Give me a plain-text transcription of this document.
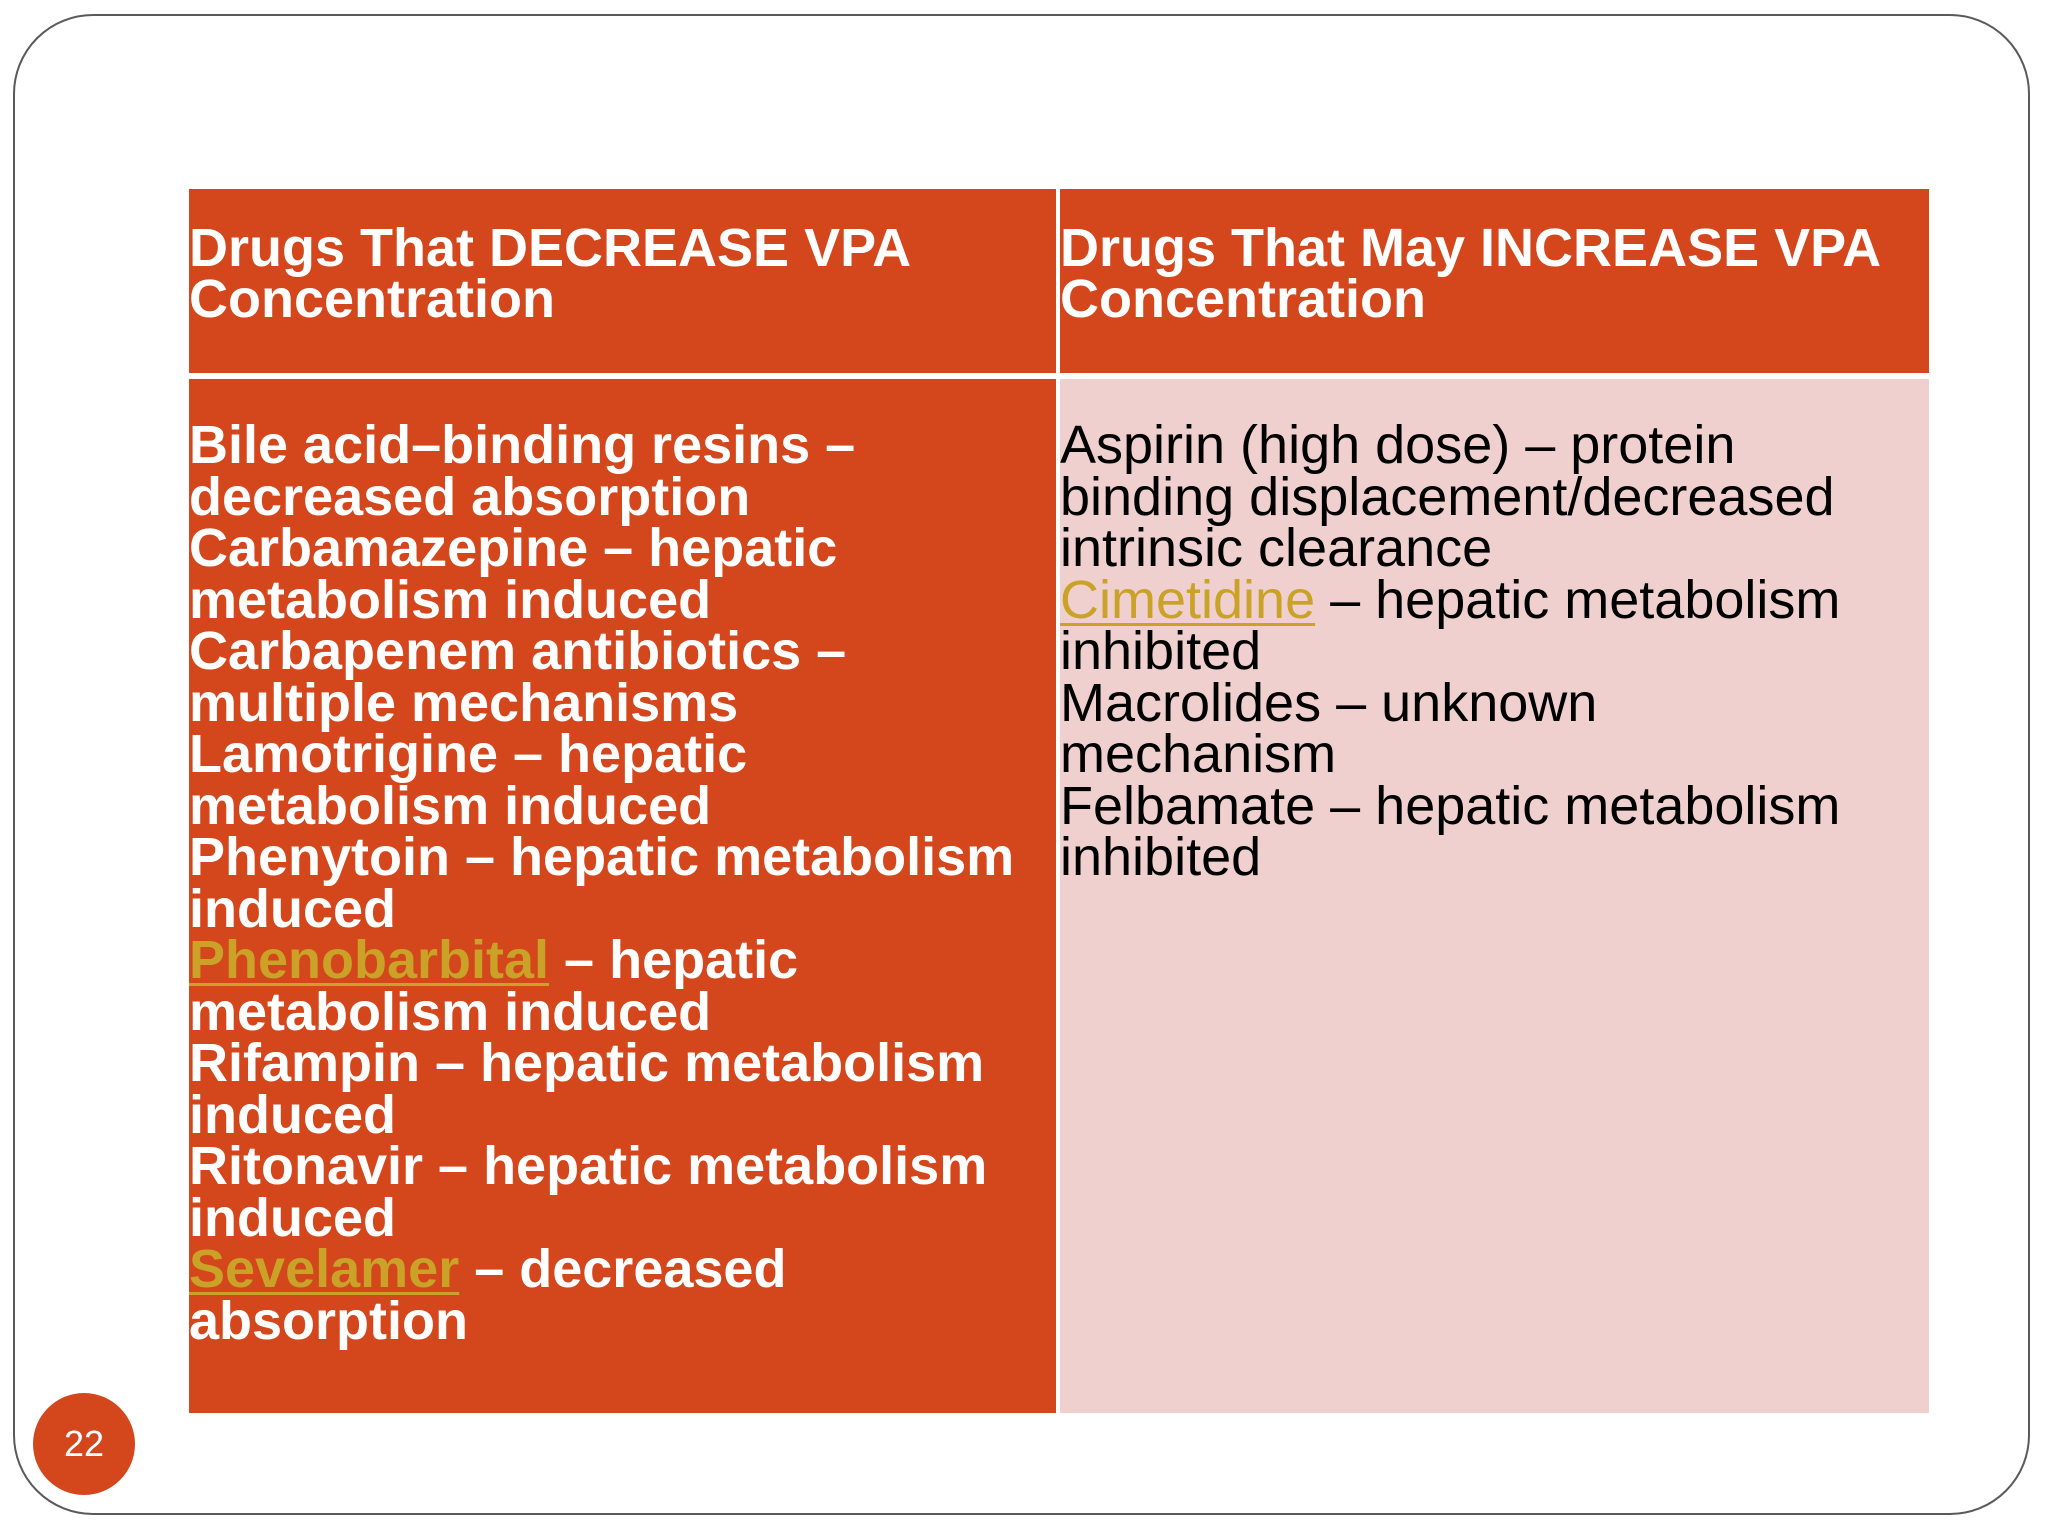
Drugs That DECREASE VPA
Concentration
Drugs That May INCREASE VPA
Concentration
Bile acid–binding resins –
decreased absorption
Carbamazepine – hepatic
metabolism induced
Carbapenem antibiotics –
multiple mechanisms
Lamotrigine – hepatic
metabolism induced
Phenytoin – hepatic metabolism
induced
Phenobarbital – hepatic
metabolism induced
Rifampin – hepatic metabolism
induced
Ritonavir – hepatic metabolism
induced
Sevelamer – decreased
absorption
Aspirin (high dose) – protein
binding displacement/decreased
intrinsic clearance
Cimetidine – hepatic metabolism
inhibited
Macrolides – unknown
mechanism
Felbamate – hepatic metabolism
inhibited
22
